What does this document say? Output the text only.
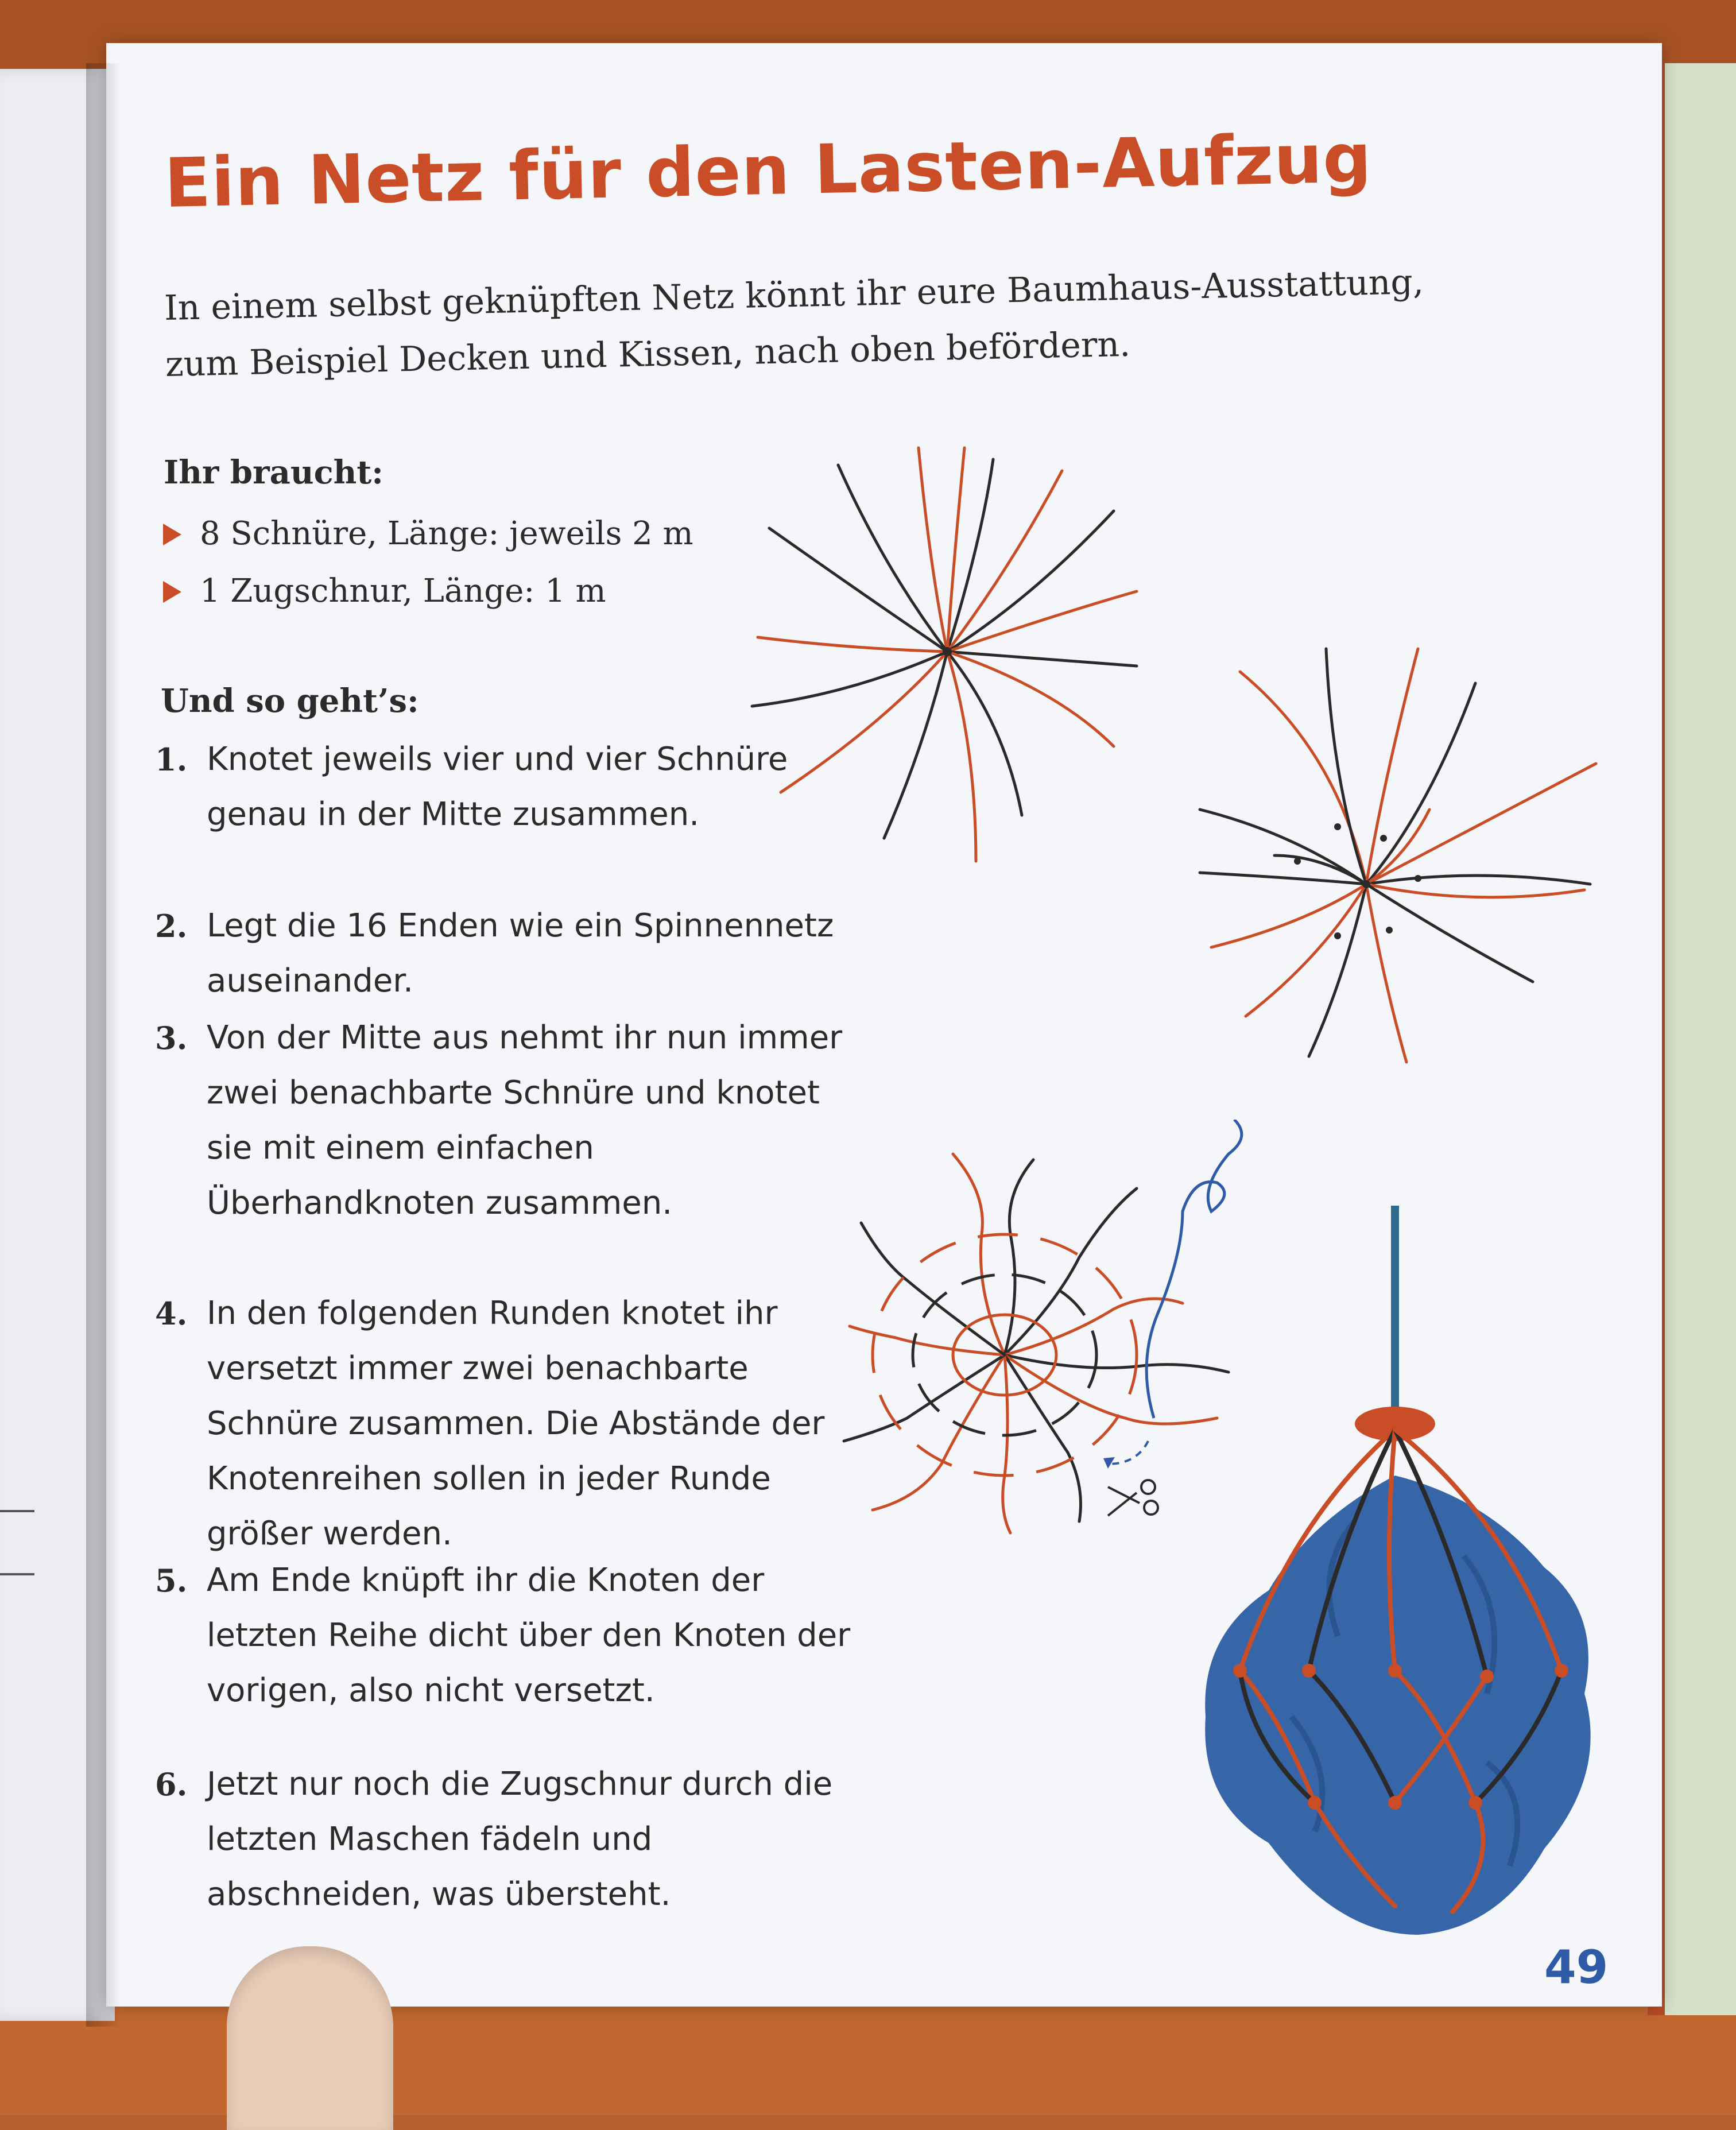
Ein Netz für den Lasten-Aufzug
In einem selbst geknüpften Netz könnt ihr eure Baumhaus-Ausstattung, zum Beispiel Decken und Kissen, nach oben befördern.
Ihr braucht:
8 Schnüre, Länge: jeweils 2 m
1 Zugschnur, Länge: 1 m
Und so geht’s:
1. Knotet jeweils vier und vier Schnüre genau in der Mitte zusammen.
2. Legt die 16 Enden wie ein Spinnennetz auseinander.
3. Von der Mitte aus nehmt ihr nun immer zwei benachbarte Schnüre und knotet sie mit einem einfachen Überhandknoten zusammen.
4. In den folgenden Runden knotet ihr versetzt immer zwei benachbarte Schnüre zusammen. Die Abstände der Knotenreihen sollen in jeder Runde größer werden.
5. Am Ende knüpft ihr die Knoten der letzten Reihe dicht über den Knoten der vorigen, also nicht versetzt.
6. Jetzt nur noch die Zugschnur durch die letzten Maschen fädeln und abschneiden, was übersteht.
49
